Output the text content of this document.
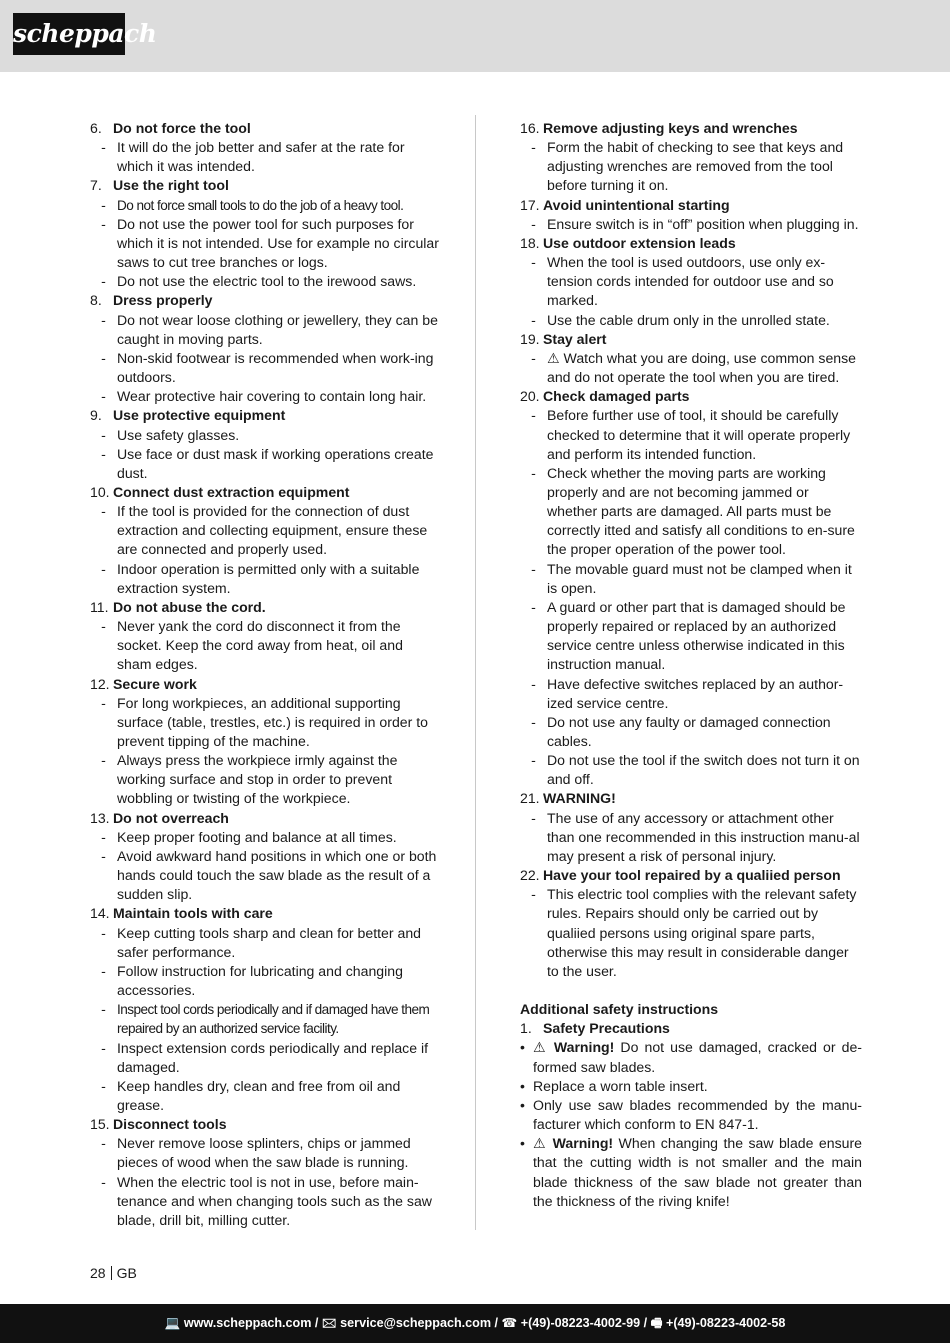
scheppach
6. Do not force the tool
- It will do the job better and safer at the rate for which it was intended.
7. Use the right tool
- Do not force small tools to do the job of a heavy tool.
- Do not use the power tool for such purposes for which it is not intended. Use for example no circular saws to cut tree branches or logs.
- Do not use the electric tool to the irewood saws.
8. Dress properly
- Do not wear loose clothing or jewellery, they can be caught in moving parts.
- Non-skid footwear is recommended when work-ing outdoors.
- Wear protective hair covering to contain long hair.
9. Use protective equipment
- Use safety glasses.
- Use face or dust mask if working operations create dust.
10. Connect dust extraction equipment
- If the tool is provided for the connection of dust extraction and collecting equipment, ensure these are connected and properly used.
- Indoor operation is permitted only with a suitable extraction system.
11. Do not abuse the cord.
- Never yank the cord do disconnect it from the socket. Keep the cord away from heat, oil and sham edges.
12. Secure work
- For long workpieces, an additional supporting surface (table, trestles, etc.) is required in order to prevent tipping of the machine.
- Always press the workpiece irmly against the working surface and stop in order to prevent wobbling or twisting of the workpiece.
13. Do not overreach
- Keep proper footing and balance at all times.
- Avoid awkward hand positions in which one or both hands could touch the saw blade as the result of a sudden slip.
14. Maintain tools with care
- Keep cutting tools sharp and clean for better and safer performance.
- Follow instruction for lubricating and changing accessories.
- Inspect tool cords periodically and if damaged have them repaired by an authorized service facility.
- Inspect extension cords periodically and replace if damaged.
- Keep handles dry, clean and free from oil and grease.
15. Disconnect tools
- Never remove loose splinters, chips or jammed pieces of wood when the saw blade is running.
- When the electric tool is not in use, before main-tenance and when changing tools such as the saw blade, drill bit, milling cutter.
16. Remove adjusting keys and wrenches
- Form the habit of checking to see that keys and adjusting wrenches are removed from the tool before turning it on.
17. Avoid unintentional starting
- Ensure switch is in “off” position when plugging in.
18. Use outdoor extension leads
- When the tool is used outdoors, use only ex-tension cords intended for outdoor use and so marked.
- Use the cable drum only in the unrolled state.
19. Stay alert
- ⚠ Watch what you are doing, use common sense and do not operate the tool when you are tired.
20. Check damaged parts
- Before further use of tool, it should be carefully checked to determine that it will operate properly and perform its intended function.
- Check whether the moving parts are working properly and are not becoming jammed or whether parts are damaged. All parts must be correctly itted and satisfy all conditions to en-sure the proper operation of the power tool.
- The movable guard must not be clamped when it is open.
- A guard or other part that is damaged should be properly repaired or replaced by an authorized service centre unless otherwise indicated in this instruction manual.
- Have defective switches replaced by an author-ized service centre.
- Do not use any faulty or damaged connection cables.
- Do not use the tool if the switch does not turn it on and off.
21. WARNING!
- The use of any accessory or attachment other than one recommended in this instruction manu-al may present a risk of personal injury.
22. Have your tool repaired by a qualiied person
- This electric tool complies with the relevant safety rules. Repairs should only be carried out by qualiied persons using original spare parts, otherwise this may result in considerable danger to the user.
Additional safety instructions
1. Safety Precautions
• ⚠ Warning! Do not use damaged, cracked or de-formed saw blades.
• Replace a worn table insert.
• Only use saw blades recommended by the manu-facturer which conform to EN 847-1.
• ⚠ Warning! When changing the saw blade ensure that the cutting width is not smaller and the main blade thickness of the saw blade not greater than the thickness of the riving knife!
28 GB
💻 www.scheppach.com / 🖂 service@scheppach.com / ☎ +(49)-08223-4002-99 / 🖷 +(49)-08223-4002-58
